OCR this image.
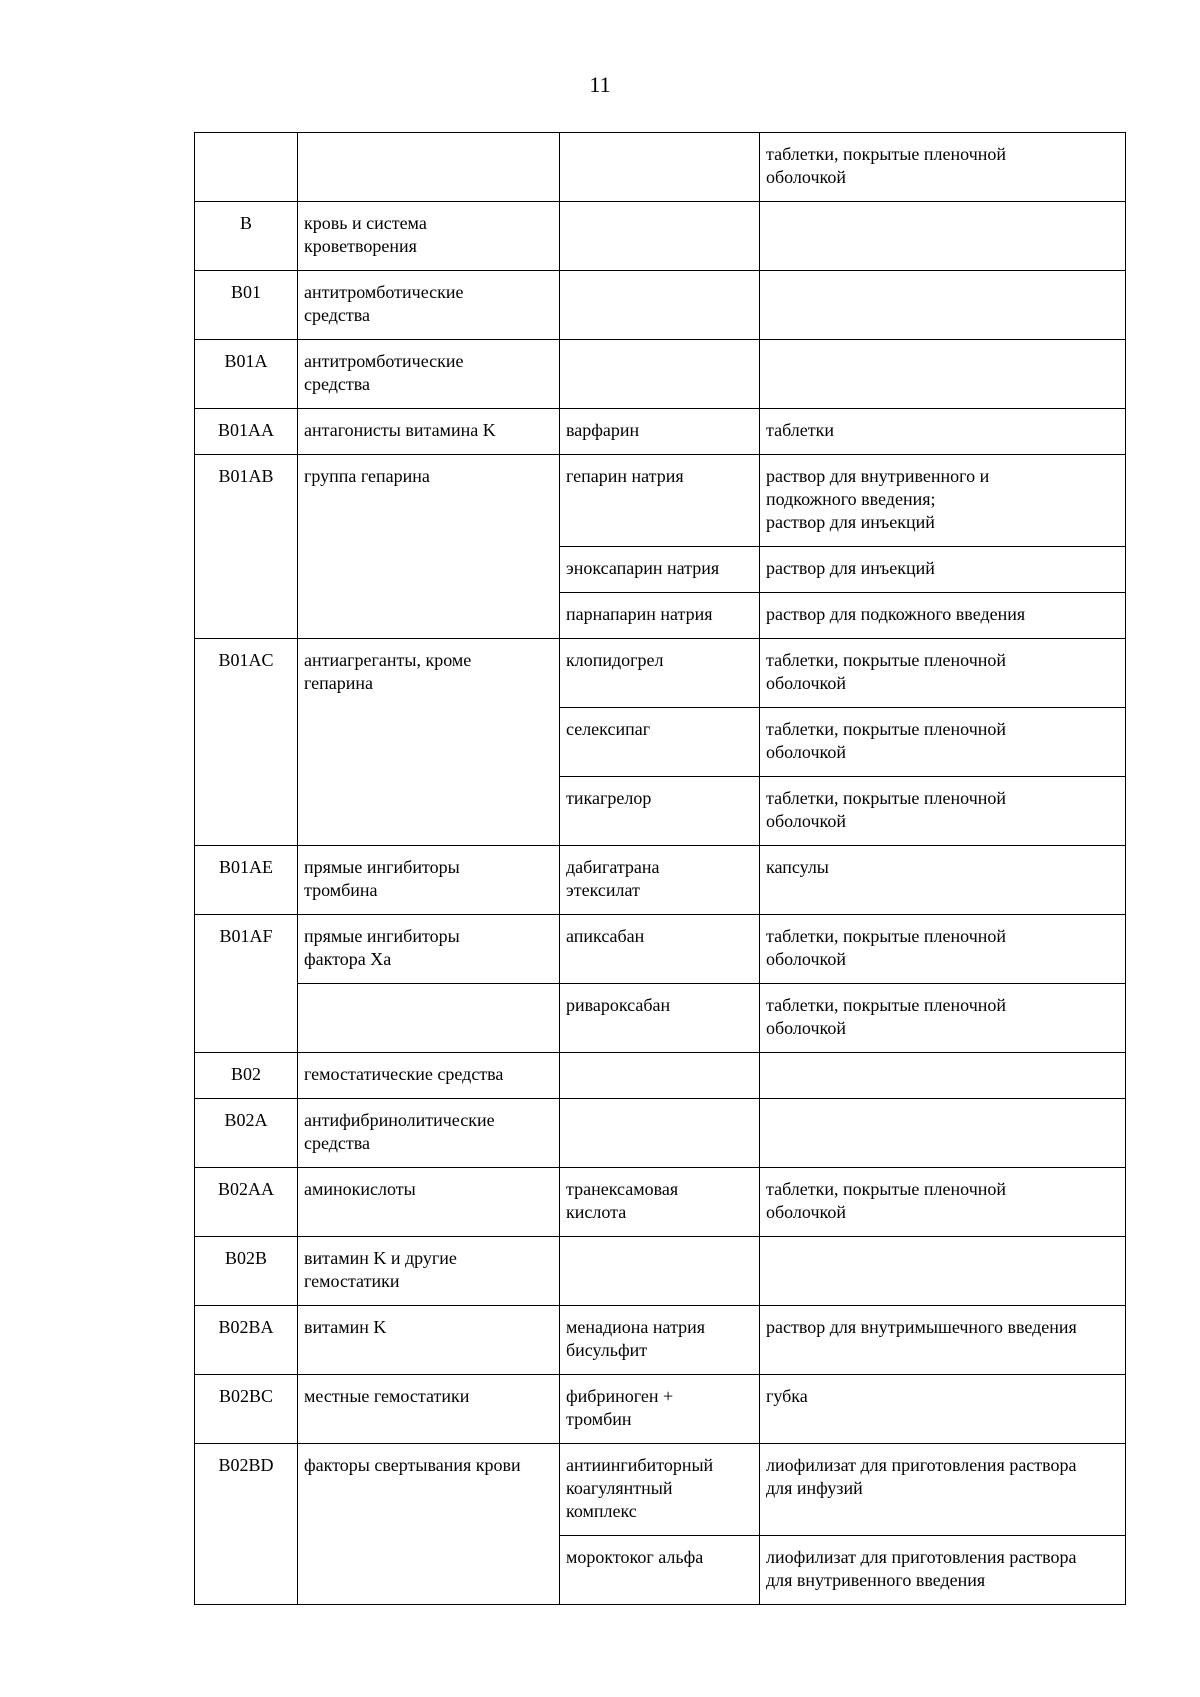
11

			таблетки, покрытые пленочной
оболочкой

B	кровь и система
кроветворения		

B01	антитромботические
средства		

B01A	антитромботические
средства		

B01AA	антагонисты витамина K	варфарин	таблетки

B01AB	группа гепарина	гепарин натрия	раствор для внутривенного и
подкожного введения;
раствор для инъекций

		эноксапарин натрия	раствор для инъекций

		парнапарин натрия	раствор для подкожного введения

B01AC	антиагреганты, кроме
гепарина	клопидогрел	таблетки, покрытые пленочной
оболочкой

		селексипаг	таблетки, покрытые пленочной
оболочкой

		тикагрелор	таблетки, покрытые пленочной
оболочкой

B01AE	прямые ингибиторы
тромбина	дабигатрана
этексилат	капсулы

B01AF	прямые ингибиторы
фактора Xa	апиксабан	таблетки, покрытые пленочной
оболочкой

		ривароксабан	таблетки, покрытые пленочной
оболочкой

B02	гемостатические средства		

B02A	антифибринолитические
средства		

B02AA	аминокислоты	транексамовая
кислота	таблетки, покрытые пленочной
оболочкой

B02B	витамин K и другие
гемостатики		

B02BA	витамин K	менадиона натрия
бисульфит	раствор для внутримышечного введения

B02BC	местные гемостатики	фибриноген +
тромбин	губка

B02BD	факторы свертывания крови	антиингибиторный
коагулянтный
комплекс	лиофилизат для приготовления раствора
для инфузий

		мороктоког альфа	лиофилизат для приготовления раствора
для внутривенного введения
